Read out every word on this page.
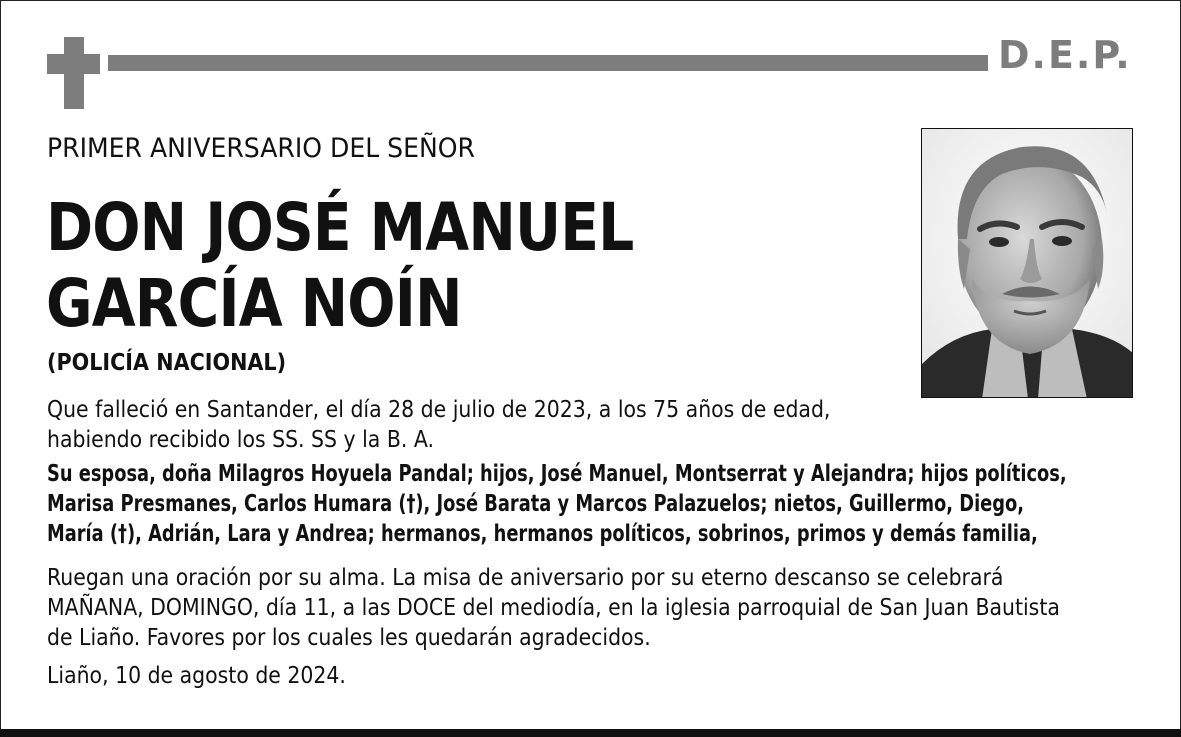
D.E.P.
PRIMER ANIVERSARIO DEL SEÑOR
DON JOSÉ MANUEL
GARCÍA NOÍN
(POLICÍA NACIONAL)
Que falleció en Santander, el día 28 de julio de 2023, a los 75 años de edad,
habiendo recibido los SS. SS y la B. A.
Su esposa, doña Milagros Hoyuela Pandal; hijos, José Manuel, Montserrat y Alejandra; hijos políticos,
Marisa Presmanes, Carlos Humara (†), José Barata y Marcos Palazuelos; nietos, Guillermo, Diego,
María (†), Adrián, Lara y Andrea; hermanos, hermanos políticos, sobrinos, primos y demás familia,
Ruegan una oración por su alma. La misa de aniversario por su eterno descanso se celebrará
MAÑANA, DOMINGO, día 11, a las DOCE del mediodía, en la iglesia parroquial de San Juan Bautista
de Liaño. Favores por los cuales les quedarán agradecidos.
Liaño, 10 de agosto de 2024.
